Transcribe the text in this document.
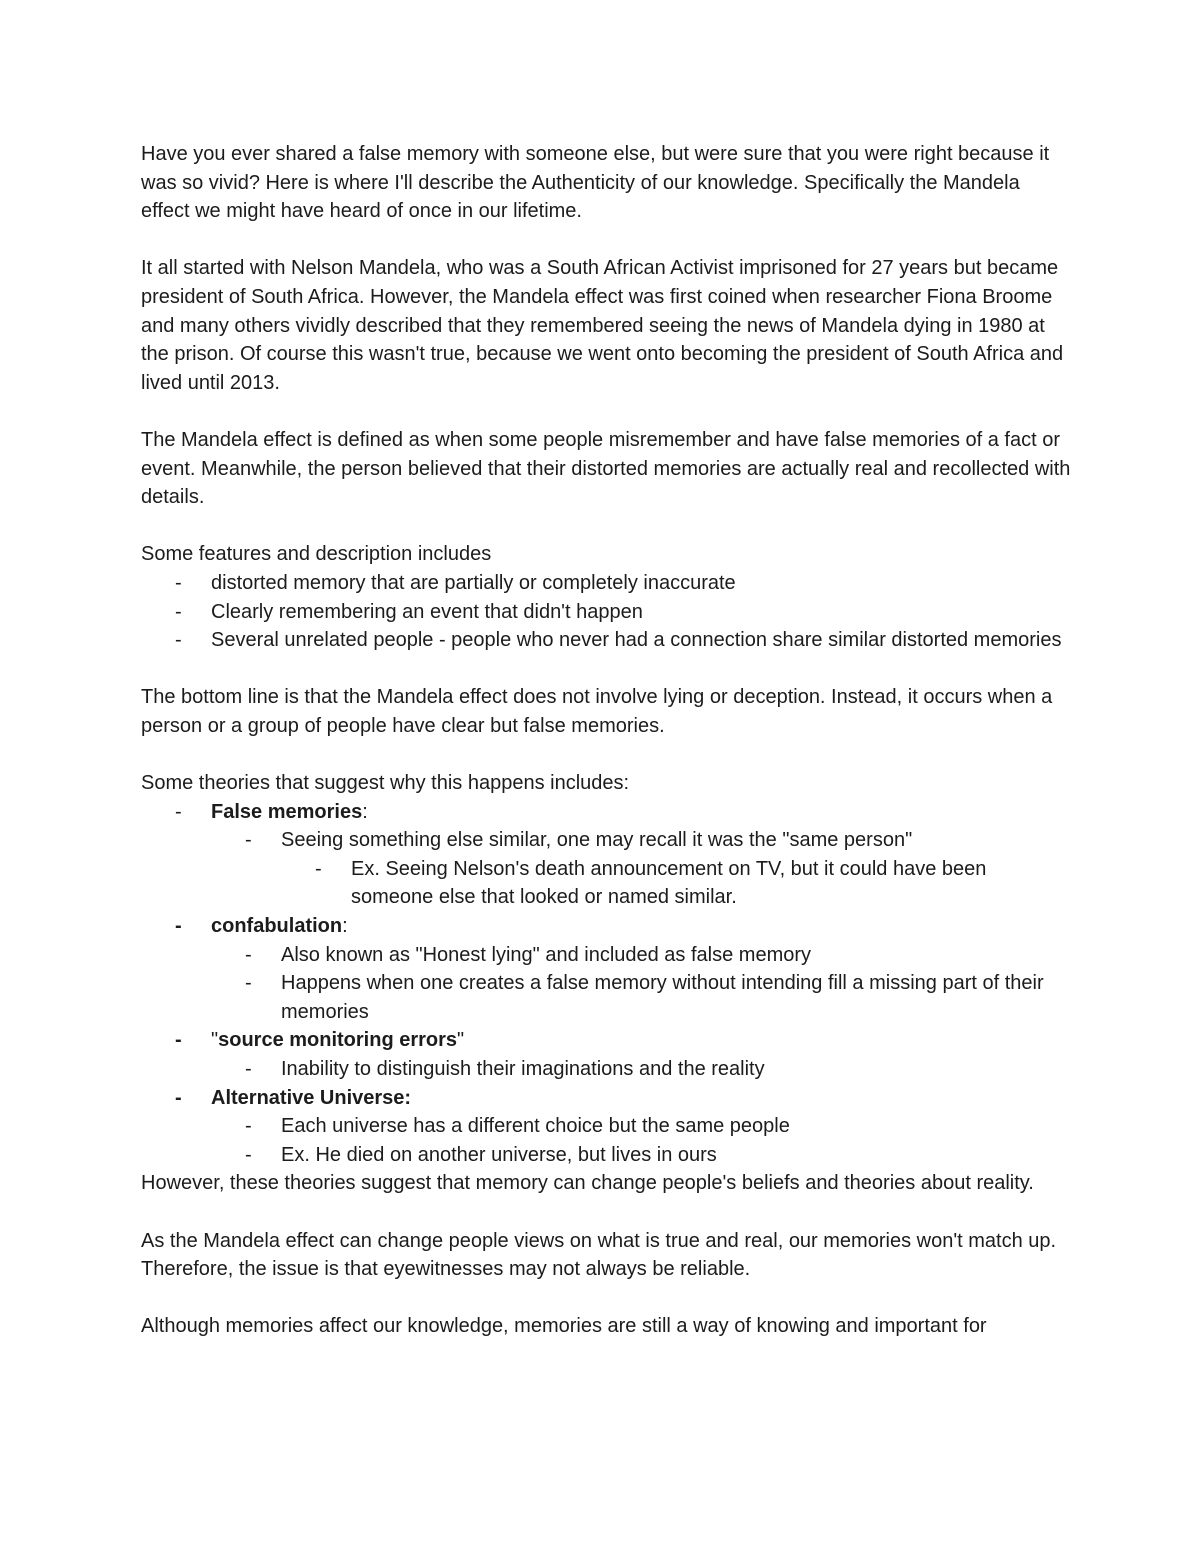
Have you ever shared a false memory with someone else, but were sure that you were right because it was so vivid? Here is where I'll describe the Authenticity of our knowledge. Specifically the Mandela effect we might have heard of once in our lifetime.

It all started with Nelson Mandela, who was a South African Activist imprisoned for 27 years but became president of South Africa. However, the Mandela effect was first coined when researcher Fiona Broome and many others vividly described that they remembered seeing the news of Mandela dying in 1980 at the prison. Of course this wasn't true, because we went onto becoming the president of South Africa and lived until 2013.

The Mandela effect is defined as when some people misremember and have false memories of a fact or event. Meanwhile, the person believed that their distorted memories are actually real and recollected with details.

Some features and description includes

- distorted memory that are partially or completely inaccurate
- Clearly remembering an event that didn't happen
- Several unrelated people - people who never had a connection share similar distorted memories

The bottom line is that the Mandela effect does not involve lying or deception. Instead, it occurs when a person or a group of people have clear but false memories.

Some theories that suggest why this happens includes:

- False memories:
- Seeing something else similar, one may recall it was the "same person"
- Ex. Seeing Nelson's death announcement on TV, but it could have been someone else that looked or named similar.
- confabulation:
- Also known as "Honest lying" and included as false memory
- Happens when one creates a false memory without intending fill a missing part of their memories
- "source monitoring errors"
- Inability to distinguish their imaginations and the reality
- Alternative Universe:
- Each universe has a different choice but the same people
- Ex. He died on another universe, but lives in ours

However, these theories suggest that memory can change people's beliefs and theories about reality.

As the Mandela effect can change people views on what is true and real, our memories won't match up. Therefore, the issue is that eyewitnesses may not always be reliable.

Although memories affect our knowledge, memories are still a way of knowing and important for
